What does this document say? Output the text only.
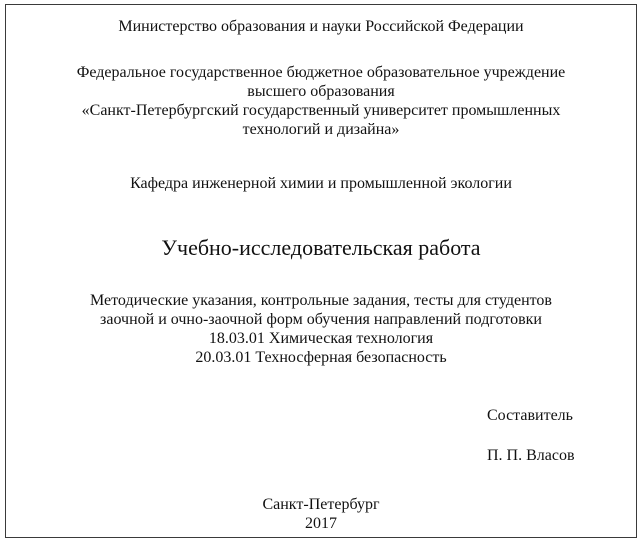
Министерство образования и науки Российской Федерации

Федеральное государственное бюджетное образовательное учреждение
высшего образования
«Санкт-Петербургский государственный университет промышленных
технологий и дизайна»

Кафедра инженерной химии и промышленной экологии

Учебно-исследовательская работа

Методические указания, контрольные задания, тесты для студентов
заочной и очно-заочной форм обучения направлений подготовки
18.03.01 Химическая технология
20.03.01 Техносферная безопасность

Составитель
П. П. Власов

Санкт-Петербург
2017
